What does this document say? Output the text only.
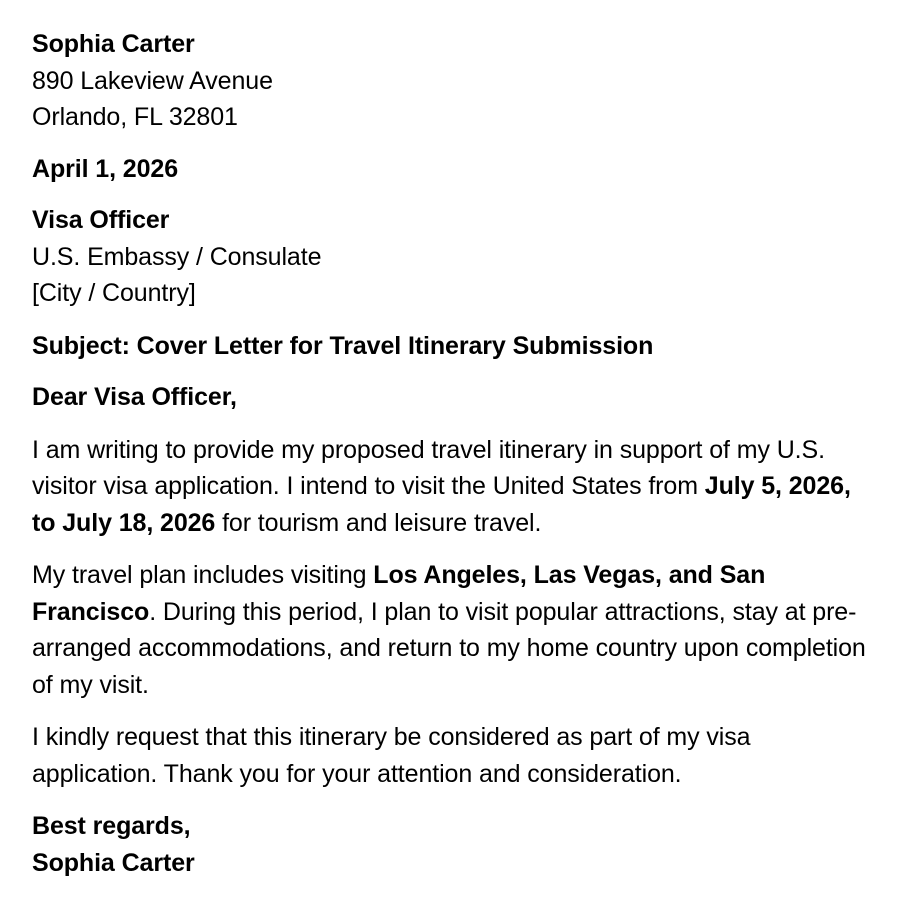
Sophia Carter
890 Lakeview Avenue
Orlando, FL 32801
April 1, 2026
Visa Officer
U.S. Embassy / Consulate
[City / Country]
Subject: Cover Letter for Travel Itinerary Submission
Dear Visa Officer,

I am writing to provide my proposed travel itinerary in support of my U.S. visitor visa application. I intend to visit the United States from July 5, 2026, to July 18, 2026 for tourism and leisure travel.

My travel plan includes visiting Los Angeles, Las Vegas, and San Francisco. During this period, I plan to visit popular attractions, stay at pre-arranged accommodations, and return to my home country upon completion of my visit.

I kindly request that this itinerary be considered as part of my visa application. Thank you for your attention and consideration.

Best regards,
Sophia Carter
